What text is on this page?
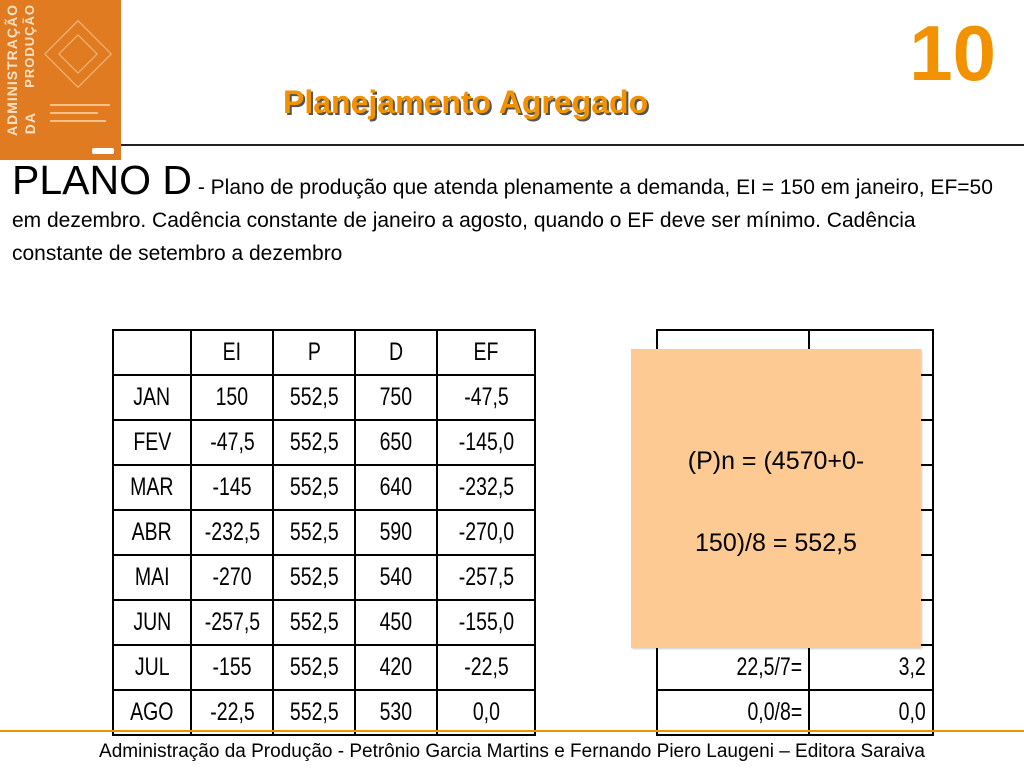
ADMINISTRAÇÃO DA
PRODUÇÃO	10
Planejamento Agregado
PLANO D - Plano de produção que atenda plenamente a demanda, EI = 150 em janeiro, EF=50 em dezembro. Cadência constante de janeiro a agosto, quando o EF deve ser mínimo. Cadência constante de setembro a dezembro
	EI	P	D	EF
JAN	150	552,5	750	-47,5
FEV	-47,5	552,5	650	-145,0
MAR	-145	552,5	640	-232,5
ABR	-232,5	552,5	590	-270,0
MAI	-270	552,5	540	-257,5
JUN	-257,5	552,5	450	-155,0
JUL	-155	552,5	420	-22,5
AGO	-22,5	552,5	530	0,0

22,5/7=	3,2
0,0/8=	0,0

(P)n = (4570+0-

150)/8 = 552,5

Administração da Produção - Petrônio Garcia Martins e Fernando Piero Laugeni – Editora Saraiva
